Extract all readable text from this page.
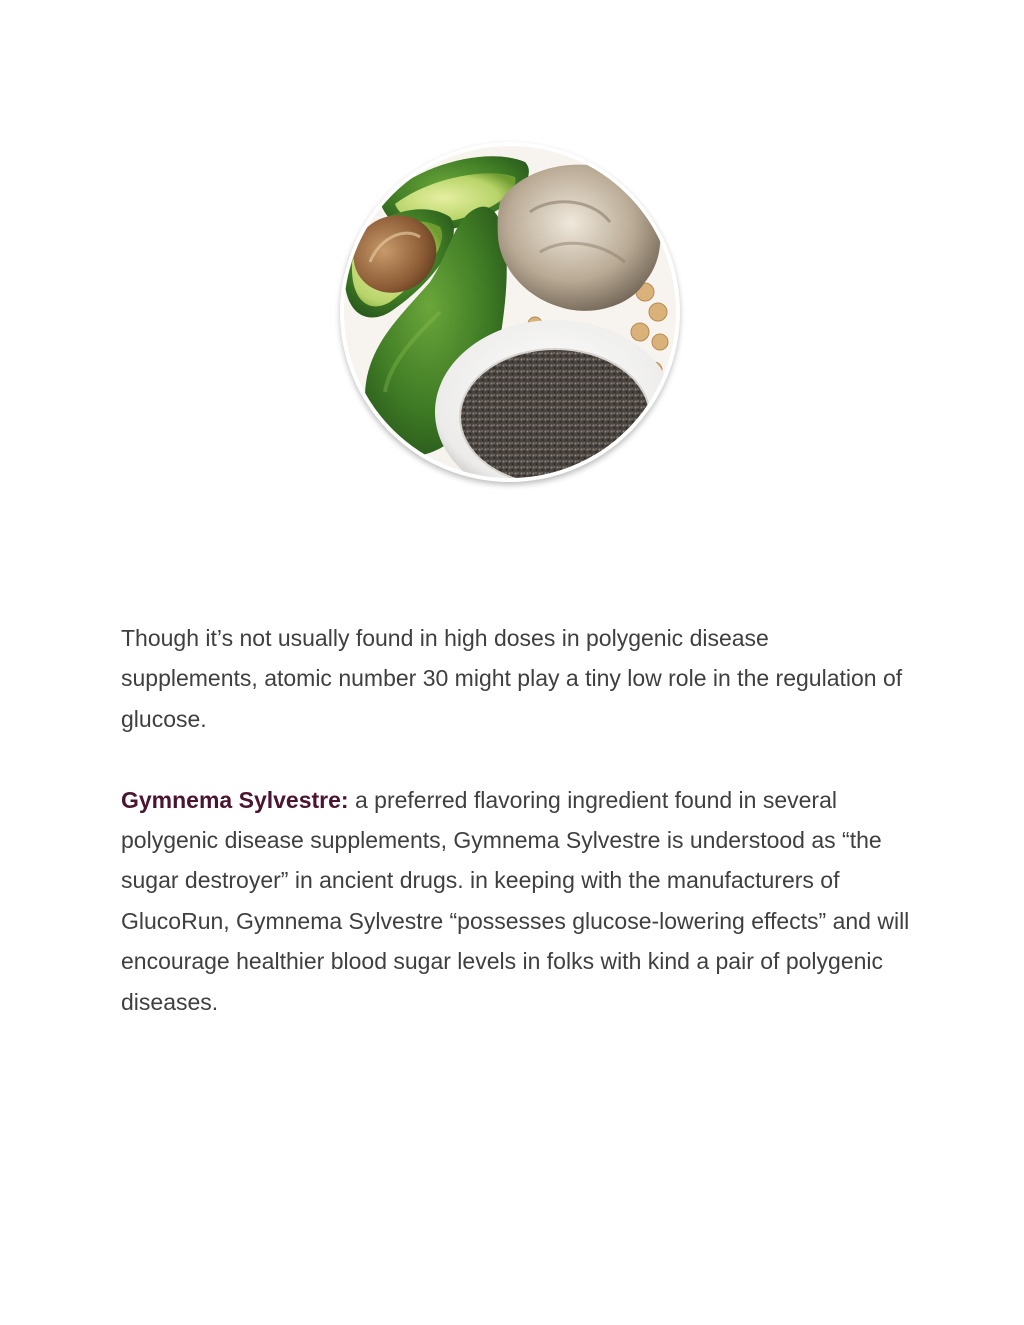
Though it’s not usually found in high doses in polygenic disease supplements, atomic number 30 might play a tiny low role in the regulation of glucose.

Gymnema Sylvestre: a preferred flavoring ingredient found in several polygenic disease supplements, Gymnema Sylvestre is understood as “the sugar destroyer” in ancient drugs. in keeping with the manufacturers of GlucoRun, Gymnema Sylvestre “possesses glucose-lowering effects” and will encourage healthier blood sugar levels in folks with kind a pair of polygenic diseases.
